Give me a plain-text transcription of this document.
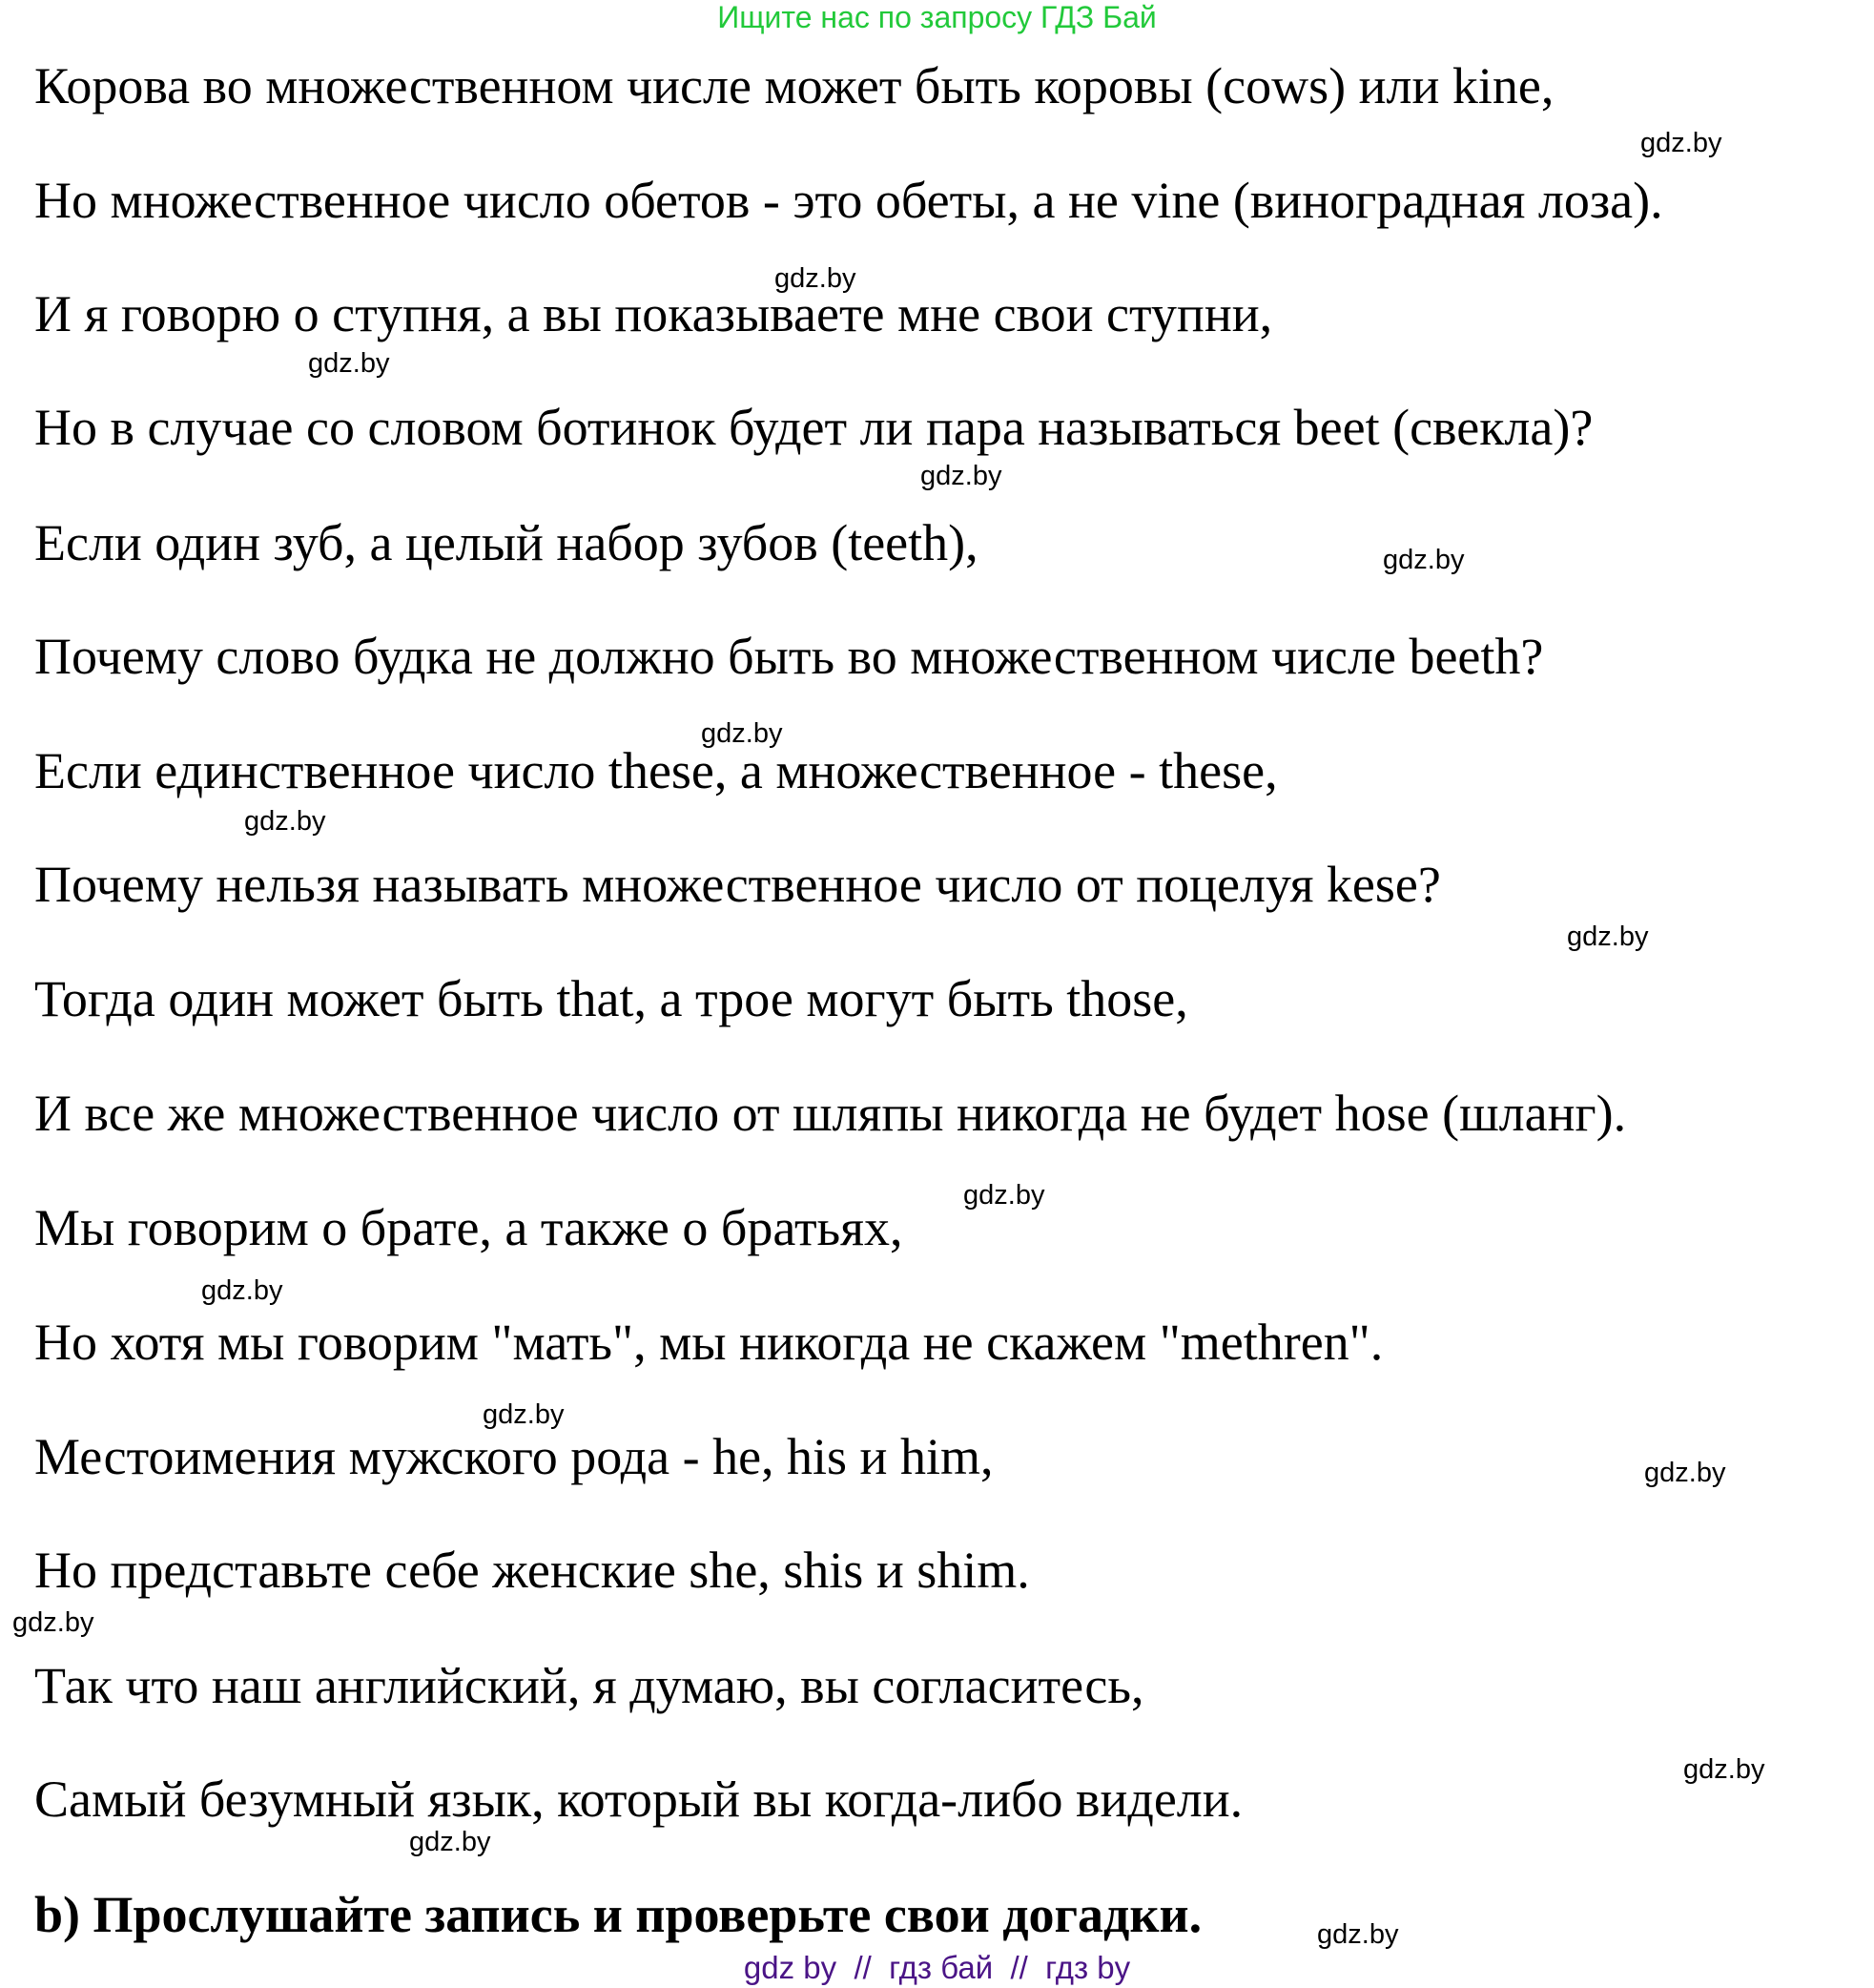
Ищите нас по запросу ГДЗ Бай
Корова во множественном числе может быть коровы (cows) или kine,
Но множественное число обетов - это обеты, а не vine (виноградная лоза).
И я говорю о ступня, а вы показываете мне свои ступни,
Но в случае со словом ботинок будет ли пара называться beet (свекла)?
Если один зуб, а целый набор зубов (teeth),
Почему слово будка не должно быть во множественном числе beeth?
Если единственное число these, а множественное - these,
Почему нельзя называть множественное число от поцелуя kese?
Тогда один может быть that, а трое могут быть those,
И все же множественное число от шляпы никогда не будет hose (шланг).
Мы говорим о брате, а также о братьях,
Но хотя мы говорим "мать", мы никогда не скажем "methren".
Местоимения мужского рода - he, his и him,
Но представьте себе женские she, shis и shim.
Так что наш английский, я думаю, вы согласитесь,
Самый безумный язык, который вы когда-либо видели.
b) Прослушайте запись и проверьте свои догадки.
gdz.by
gdz.by
gdz.by
gdz.by
gdz.by
gdz.by
gdz.by
gdz.by
gdz.by
gdz.by
gdz.by
gdz.by
gdz.by
gdz.by
gdz.by
gdz.by
gdz by  //  гдз бай  //  гдз by
